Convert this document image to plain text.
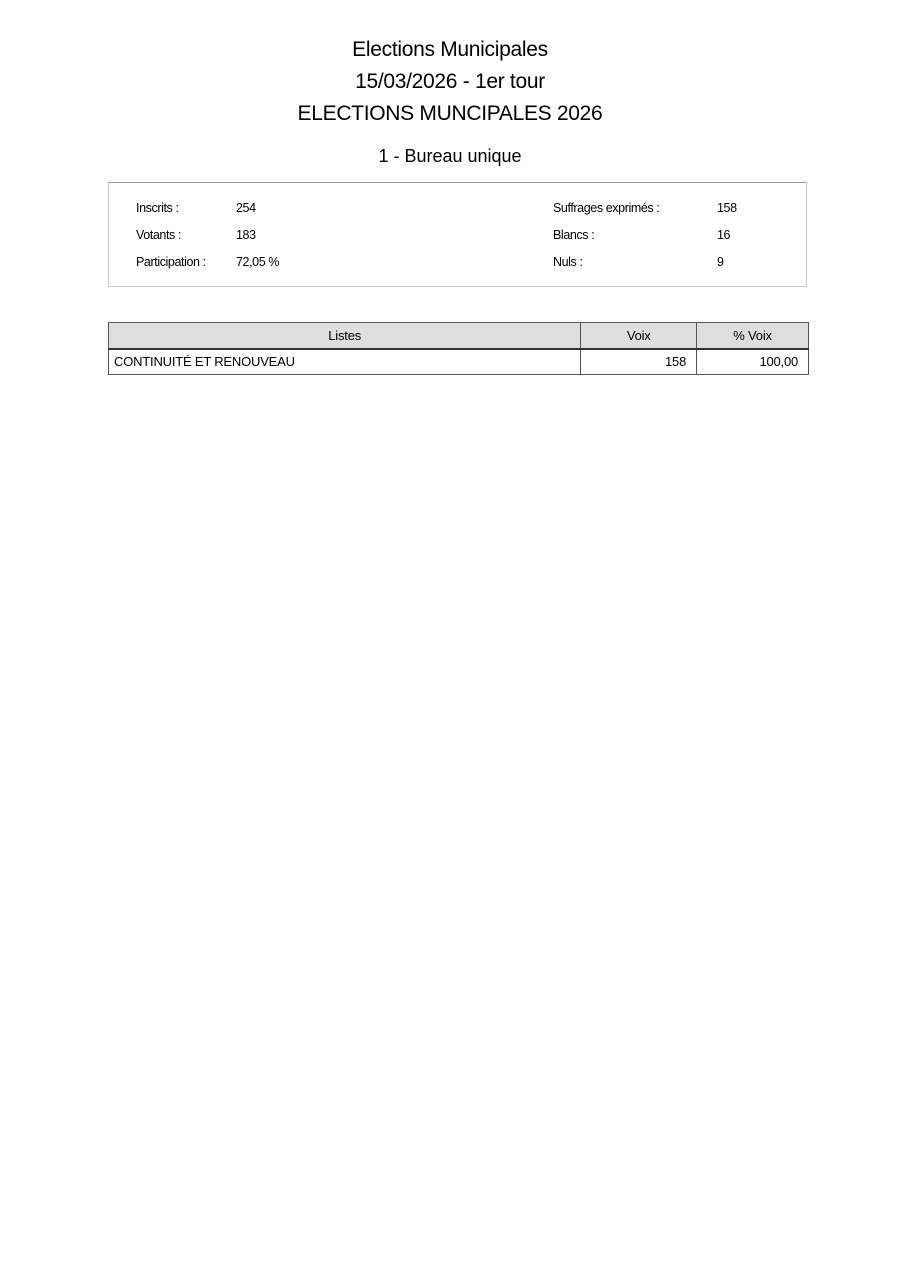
Elections Municipales
15/03/2026 - 1er tour
ELECTIONS MUNCIPALES 2026
1 - Bureau unique
Inscrits :	254
Votants :	183
Participation : 72,05 %
Suffrages exprimés :	158
Blancs :	16
Nuls :	9
Listes	Voix	% Voix
CONTINUITÉ ET RENOUVEAU	158	100,00
